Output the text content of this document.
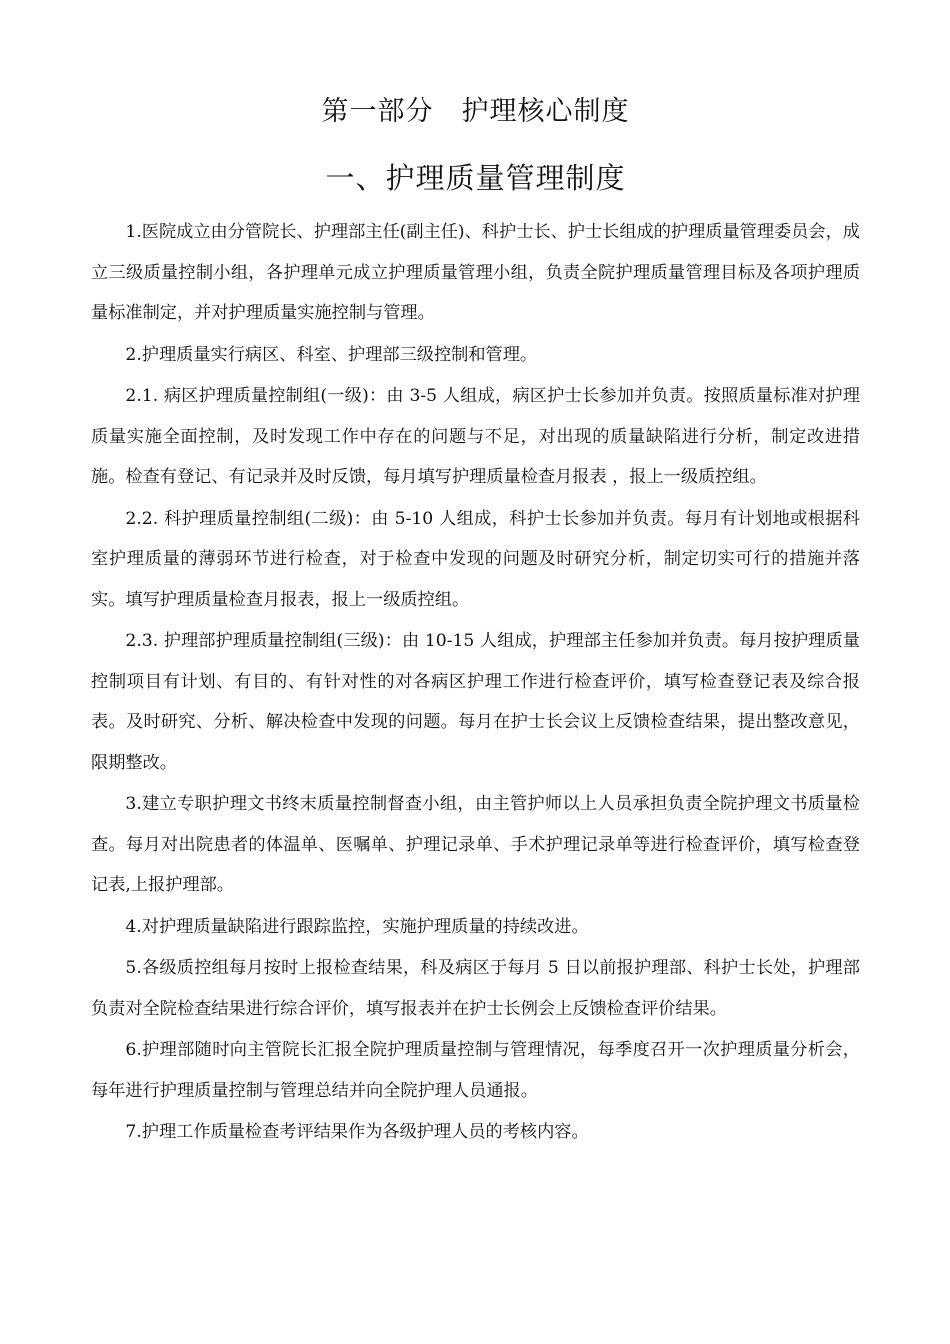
第一部分　护理核心制度
一、护理质量管理制度

1.医院成立由分管院长、护理部主任(副主任)、科护士长、护士长组成的护理质量管理委员会，成立三级质量控制小组，各护理单元成立护理质量管理小组，负责全院护理质量管理目标及各项护理质量标准制定，并对护理质量实施控制与管理。

2.护理质量实行病区、科室、护理部三级控制和管理。

2.1. 病区护理质量控制组(一级)：由 3-5 人组成，病区护士长参加并负责。按照质量标准对护理质量实施全面控制，及时发现工作中存在的问题与不足，对出现的质量缺陷进行分析，制定改进措施。检查有登记、有记录并及时反馈，每月填写护理质量检查月报表 ，报上一级质控组。

2.2. 科护理质量控制组(二级)：由 5-10 人组成，科护士长参加并负责。每月有计划地或根据科室护理质量的薄弱环节进行检查，对于检查中发现的问题及时研究分析，制定切实可行的措施并落实。填写护理质量检查月报表，报上一级质控组。

2.3. 护理部护理质量控制组(三级)：由 10-15 人组成，护理部主任参加并负责。每月按护理质量控制项目有计划、有目的、有针对性的对各病区护理工作进行检查评价，填写检查登记表及综合报表。及时研究、分析、解决检查中发现的问题。每月在护士长会议上反馈检查结果，提出整改意见，限期整改。

3.建立专职护理文书终末质量控制督查小组，由主管护师以上人员承担负责全院护理文书质量检查。每月对出院患者的体温单、医嘱单、护理记录单、手术护理记录单等进行检查评价，填写检查登记表,上报护理部。

4.对护理质量缺陷进行跟踪监控，实施护理质量的持续改进。

5.各级质控组每月按时上报检查结果，科及病区于每月 5 日以前报护理部、科护士长处，护理部负责对全院检查结果进行综合评价，填写报表并在护士长例会上反馈检查评价结果。

6.护理部随时向主管院长汇报全院护理质量控制与管理情况，每季度召开一次护理质量分析会，每年进行护理质量控制与管理总结并向全院护理人员通报。

7.护理工作质量检查考评结果作为各级护理人员的考核内容。
